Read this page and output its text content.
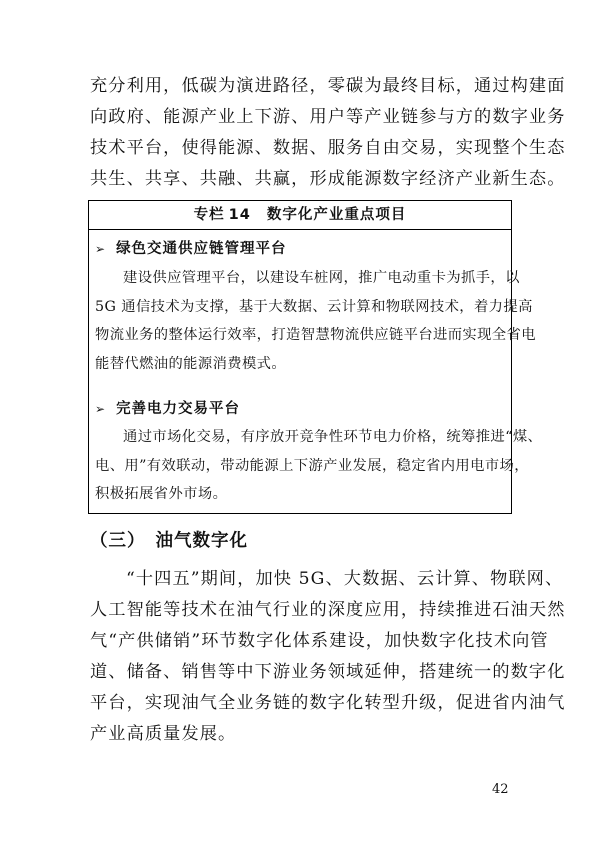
充分利用，低碳为演进路径，零碳为最终目标，通过构建面
向政府、能源产业上下游、用户等产业链参与方的数字业务
技术平台，使得能源、数据、服务自由交易，实现整个生态
共生、共享、共融、共赢，形成能源数字经济产业新生态。
专栏 14 数字化产业重点项目
➢ 绿色交通供应链管理平台
建设供应管理平台，以建设车桩网，推广电动重卡为抓手，以
5G 通信技术为支撑，基于大数据、云计算和物联网技术，着力提高
物流业务的整体运行效率，打造智慧物流供应链平台进而实现全省电
能替代燃油的能源消费模式。
➢ 完善电力交易平台
通过市场化交易，有序放开竞争性环节电力价格，统筹推进“煤、
电、用”有效联动，带动能源上下游产业发展，稳定省内用电市场，
积极拓展省外市场。
（三） 油气数字化
“十四五”期间，加快 5G、大数据、云计算、物联网、
人工智能等技术在油气行业的深度应用，持续推进石油天然
气“产供储销”环节数字化体系建设，加快数字化技术向管
道、储备、销售等中下游业务领域延伸，搭建统一的数字化
平台，实现油气全业务链的数字化转型升级，促进省内油气
产业高质量发展。
42
